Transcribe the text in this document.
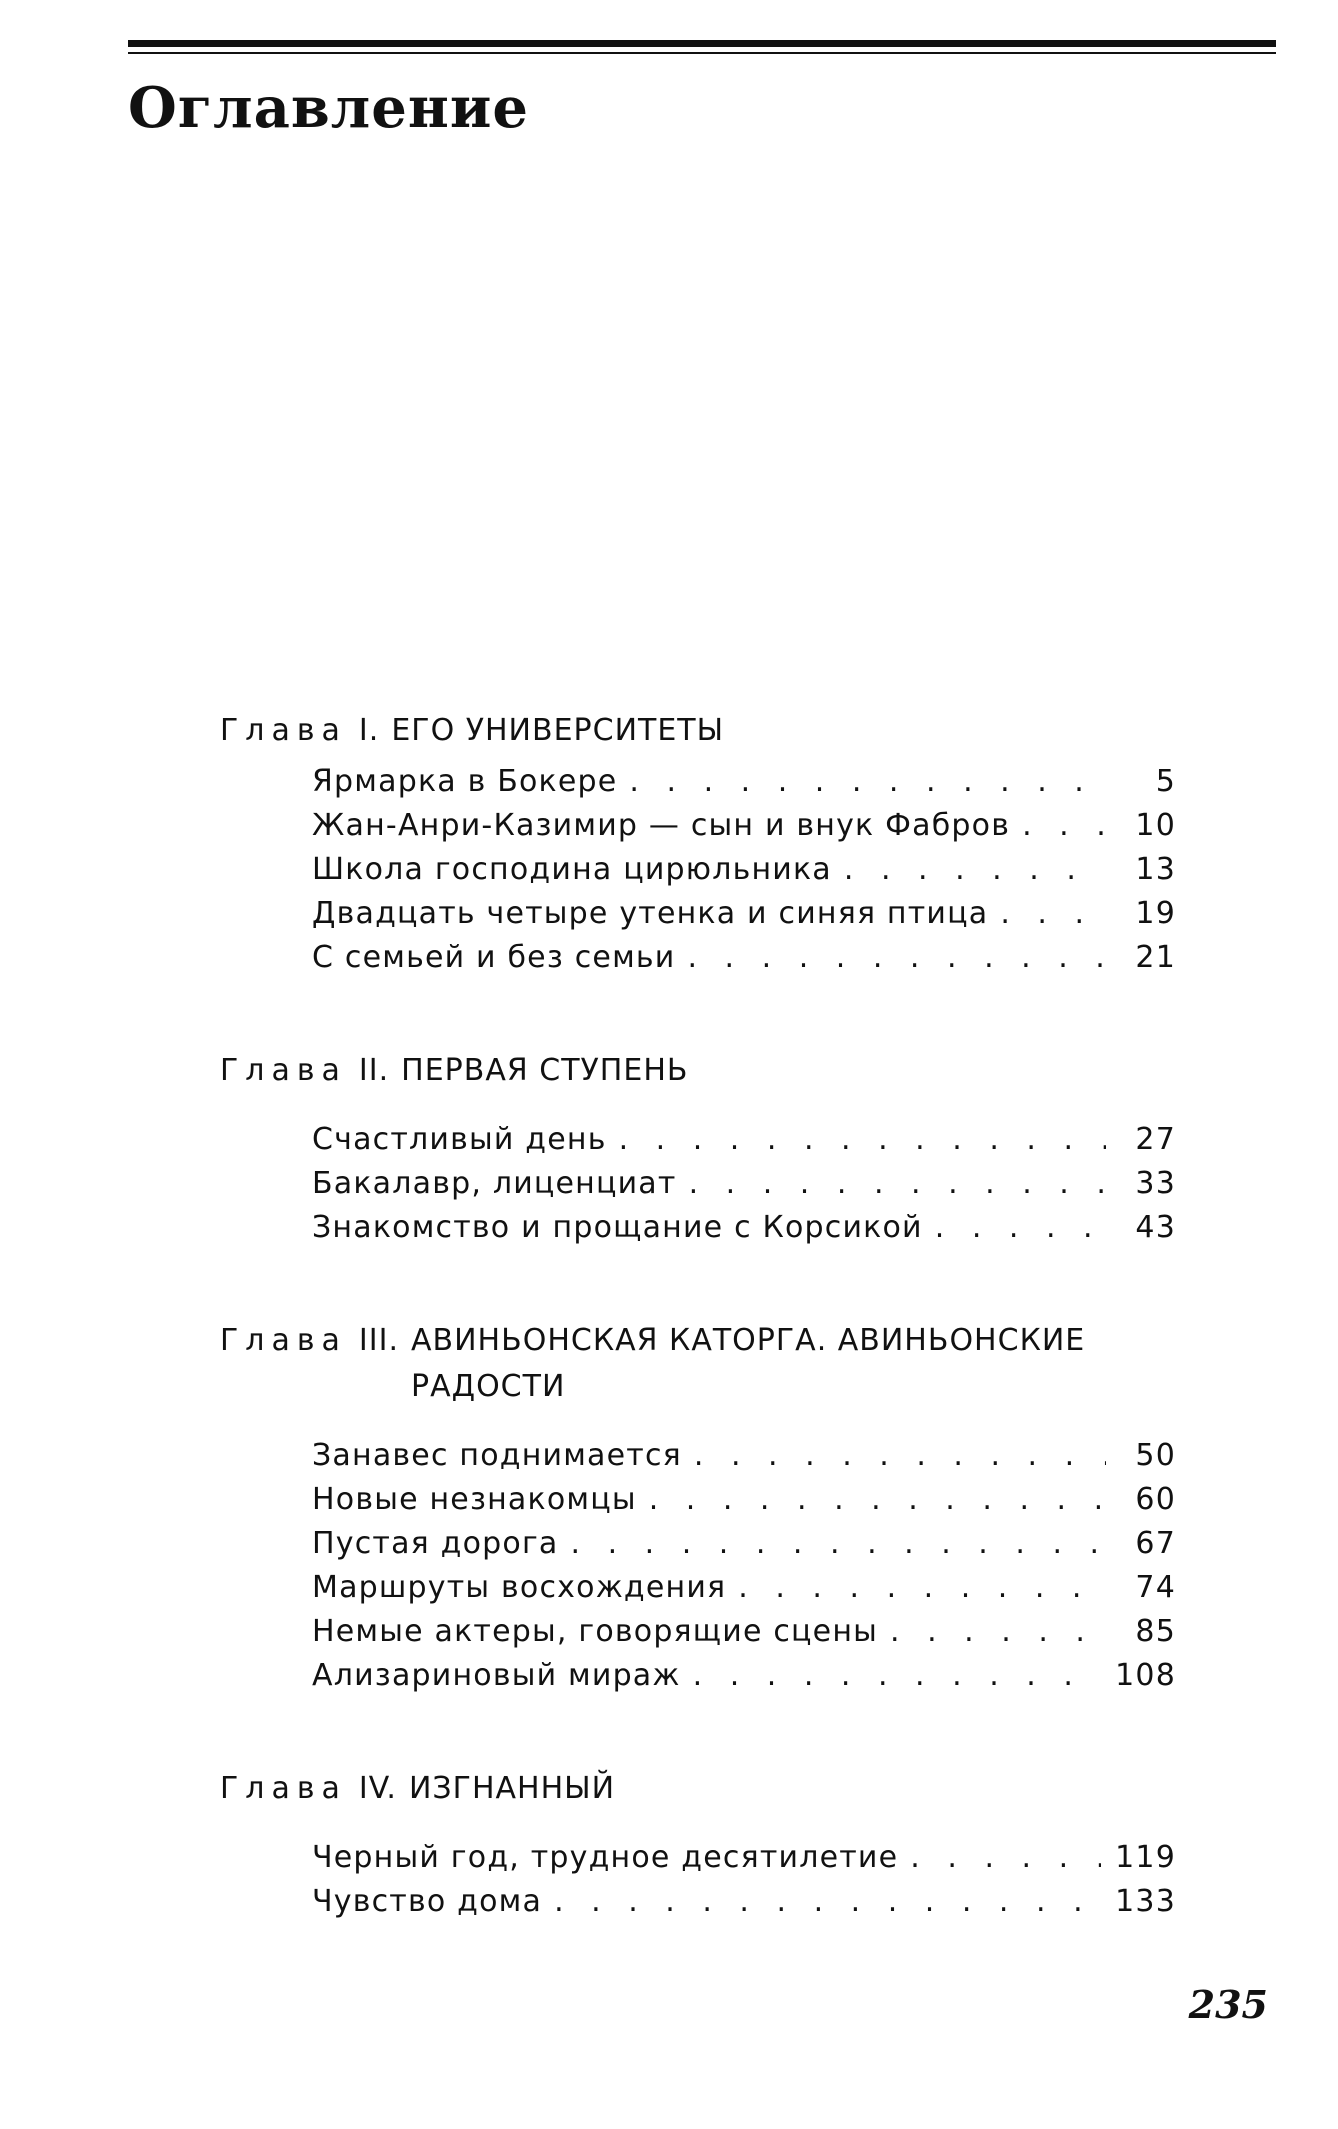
Оглавление
Глава I. ЕГО УНИВЕРСИТЕТЫ
Ярмарка в Бокере . . .	5
Жан-Анри-Казимир — сын и внук Фабров . . .	10
Школа господина цирюльника . . .	13
Двадцать четыре утенка и синяя птица . . .	19
С семьей и без семьи . . .	21
Глава II. ПЕРВАЯ СТУПЕНЬ
Счастливый день . . .	27
Бакалавр, лиценциат . . .	33
Знакомство и прощание с Корсикой . . .	43
Глава III. АВИНЬОНСКАЯ КАТОРГА. АВИНЬОНСКИЕ РАДОСТИ
Занавес поднимается . . .	50
Новые незнакомцы . . .	60
Пустая дорога . . .	67
Маршруты восхождения . . .	74
Немые актеры, говорящие сцены . . .	85
Ализариновый мираж . . .	108
Глава IV. ИЗГНАННЫЙ
Черный год, трудное десятилетие . . .	119
Чувство дома . . .	133

235
